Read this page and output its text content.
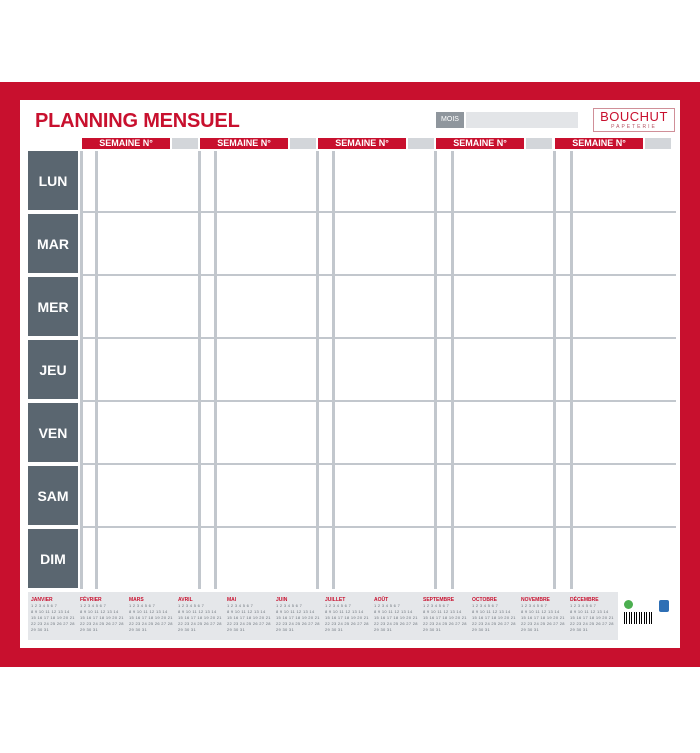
PLANNING MENSUEL	MOIS	BOUCHUT
PAPETERIE
SEMAINE N°	SEMAINE N°	SEMAINE N°	SEMAINE N°	SEMAINE N°
LUN
MAR
MER
JEU
VEN
SAM
DIM
JANVIER
1 2 3 4 5 6 7
8 9 10 11 12 13 14
15 16 17 18 19 20 21
22 23 24 25 26 27 28
29 30 31
FÉVRIER
1 2 3 4 5 6 7
8 9 10 11 12 13 14
15 16 17 18 19 20 21
22 23 24 25 26 27 28
29 30 31
MARS
1 2 3 4 5 6 7
8 9 10 11 12 13 14
15 16 17 18 19 20 21
22 23 24 25 26 27 28
29 30 31
AVRIL
1 2 3 4 5 6 7
8 9 10 11 12 13 14
15 16 17 18 19 20 21
22 23 24 25 26 27 28
29 30 31
MAI
1 2 3 4 5 6 7
8 9 10 11 12 13 14
15 16 17 18 19 20 21
22 23 24 25 26 27 28
29 30 31
JUIN
1 2 3 4 5 6 7
8 9 10 11 12 13 14
15 16 17 18 19 20 21
22 23 24 25 26 27 28
29 30 31
JUILLET
1 2 3 4 5 6 7
8 9 10 11 12 13 14
15 16 17 18 19 20 21
22 23 24 25 26 27 28
29 30 31
AOÛT
1 2 3 4 5 6 7
8 9 10 11 12 13 14
15 16 17 18 19 20 21
22 23 24 25 26 27 28
29 30 31
SEPTEMBRE
1 2 3 4 5 6 7
8 9 10 11 12 13 14
15 16 17 18 19 20 21
22 23 24 25 26 27 28
29 30 31
OCTOBRE
1 2 3 4 5 6 7
8 9 10 11 12 13 14
15 16 17 18 19 20 21
22 23 24 25 26 27 28
29 30 31
NOVEMBRE
1 2 3 4 5 6 7
8 9 10 11 12 13 14
15 16 17 18 19 20 21
22 23 24 25 26 27 28
29 30 31
DÉCEMBRE
1 2 3 4 5 6 7
8 9 10 11 12 13 14
15 16 17 18 19 20 21
22 23 24 25 26 27 28
29 30 31
